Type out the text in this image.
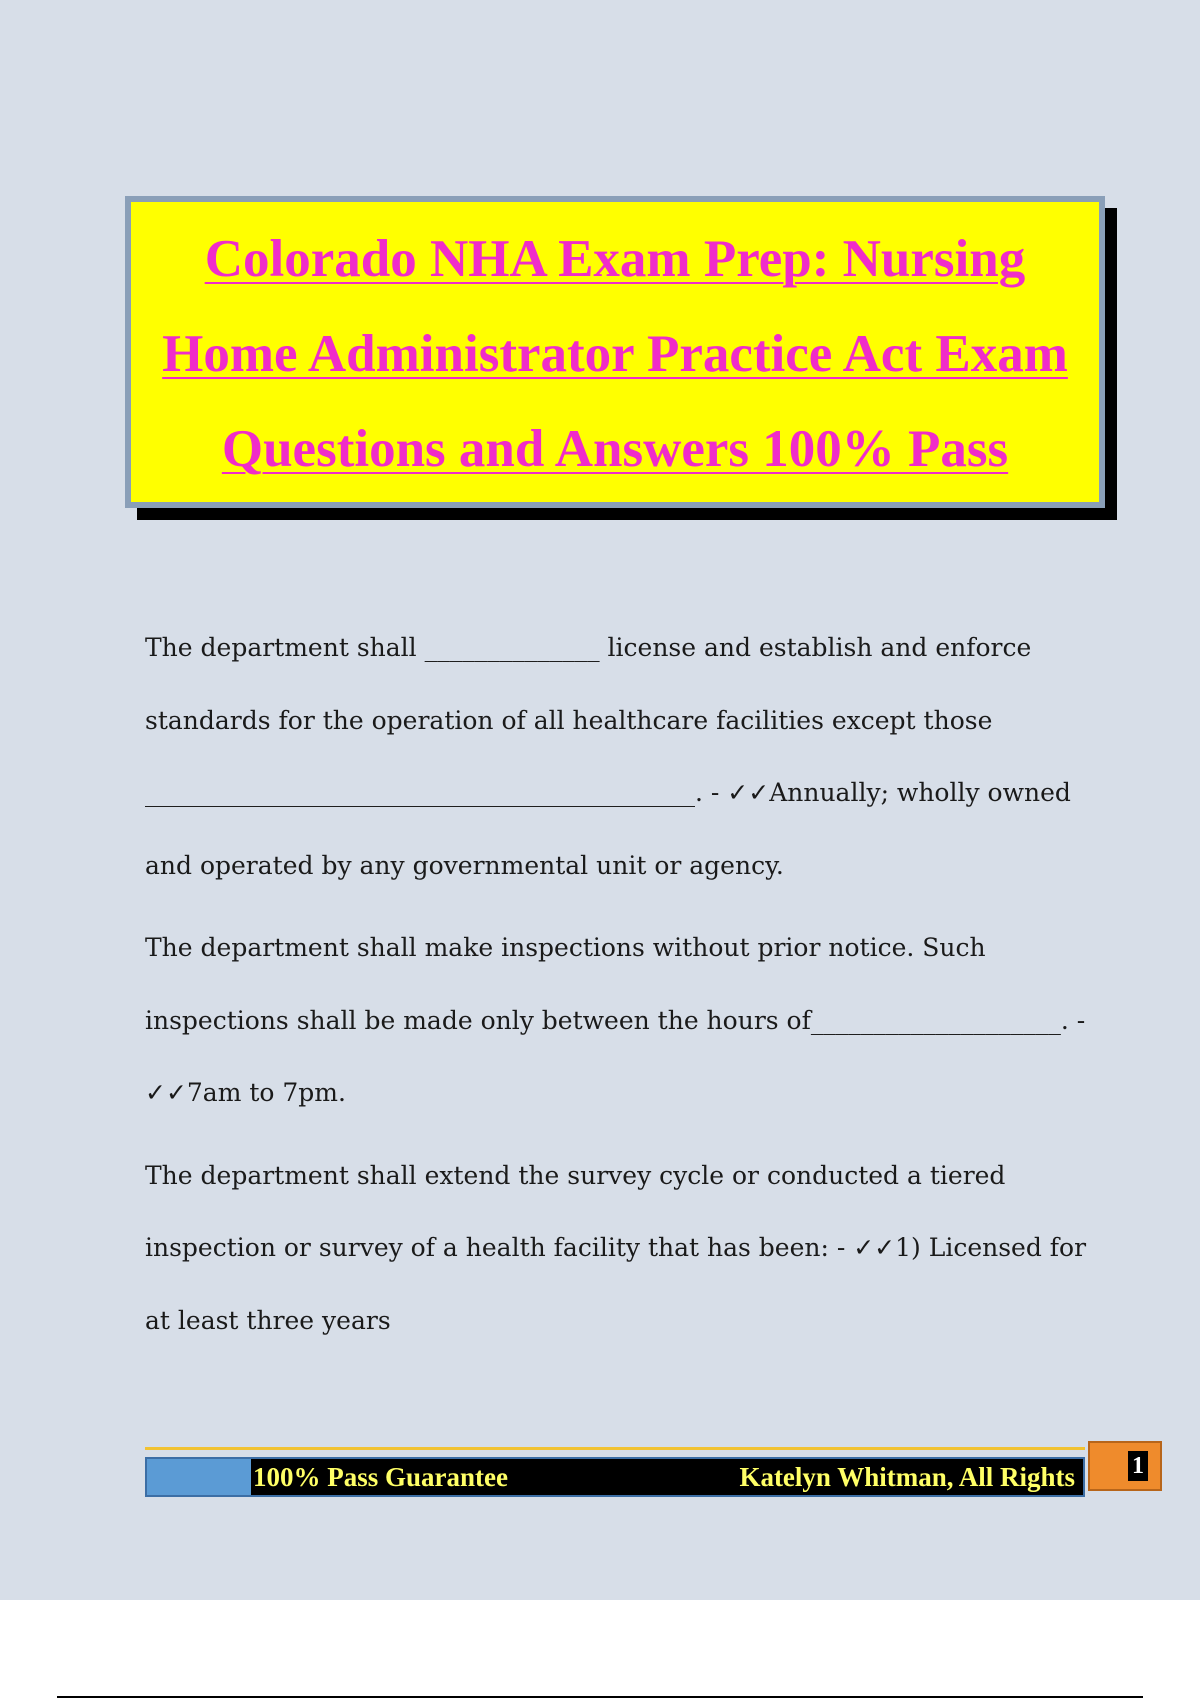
Colorado NHA Exam Prep: Nursing Home Administrator Practice Act Exam Questions and Answers 100% Pass

The department shall ______________ license and establish and enforce standards for the operation of all healthcare facilities except those ____________________________________________. - ✓✓Annually; wholly owned and operated by any governmental unit or agency.

The department shall make inspections without prior notice. Such inspections shall be made only between the hours of____________________. - ✓✓7am to 7pm.

The department shall extend the survey cycle or conducted a tiered inspection or survey of a health facility that has been: - ✓✓1) Licensed for at least three years

100% Pass Guarantee	Katelyn Whitman, All Rights 1
